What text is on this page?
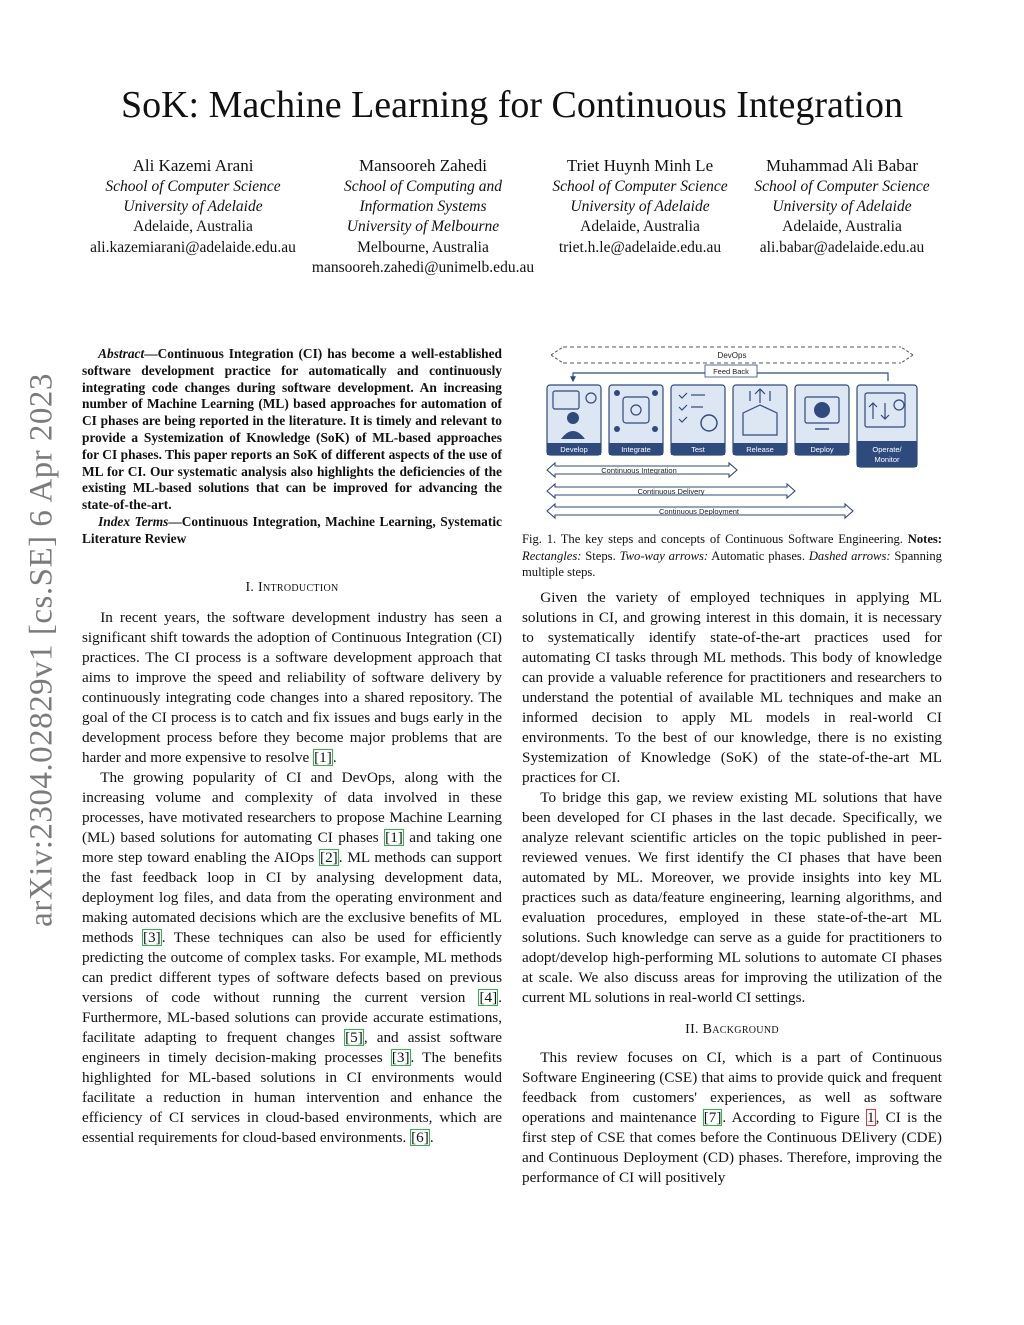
SoK: Machine Learning for Continuous Integration
Ali Kazemi Arani
School of Computer Science
University of Adelaide
Adelaide, Australia
ali.kazemiarani@adelaide.edu.au
Mansooreh Zahedi
School of Computing and
Information Systems
University of Melbourne
Melbourne, Australia
mansooreh.zahedi@unimelb.edu.au
Triet Huynh Minh Le
School of Computer Science
University of Adelaide
Adelaide, Australia
triet.h.le@adelaide.edu.au
Muhammad Ali Babar
School of Computer Science
University of Adelaide
Adelaide, Australia
ali.babar@adelaide.edu.au
arXiv:2304.02829v1 [cs.SE] 6 Apr 2023
Abstract—Continuous Integration (CI) has become a well-established software development practice for automatically and continuously integrating code changes during software development. An increasing number of Machine Learning (ML) based approaches for automation of CI phases are being reported in the literature. It is timely and relevant to provide a Systemization of Knowledge (SoK) of ML-based approaches for CI phases. This paper reports an SoK of different aspects of the use of ML for CI. Our systematic analysis also highlights the deficiencies of the existing ML-based solutions that can be improved for advancing the state-of-the-art.
Index Terms—Continuous Integration, Machine Learning, Systematic Literature Review
I. Introduction

In recent years, the software development industry has seen a significant shift towards the adoption of Continuous Integration (CI) practices. The CI process is a software development approach that aims to improve the speed and reliability of software delivery by continuously integrating code changes into a shared repository. The goal of the CI process is to catch and fix issues and bugs early in the development process before they become major problems that are harder and more expensive to resolve [1].

The growing popularity of CI and DevOps, along with the increasing volume and complexity of data involved in these processes, have motivated researchers to propose Machine Learning (ML) based solutions for automating CI phases [1] and taking one more step toward enabling the AIOps [2]. ML methods can support the fast feedback loop in CI by analysing development data, deployment log files, and data from the operating environment and making automated decisions which are the exclusive benefits of ML methods [3]. These techniques can also be used for efficiently predicting the outcome of complex tasks. For example, ML methods can predict different types of software defects based on previous versions of code without running the current version [4]. Furthermore, ML-based solutions can provide accurate estimations, facilitate adapting to frequent changes [5], and assist software engineers in timely decision-making processes [3]. The benefits highlighted for ML-based solutions in CI environments would facilitate a reduction in human intervention and enhance the efficiency of CI services in cloud-based environments, which are essential requirements for cloud-based environments. [6].

DevOps
Feed Back
Develop	Integrate	Test	Release	Deploy	Operate/
Monitor
Continuous Integration
Continuous Delivery
Continuous Deployment
Fig. 1. The key steps and concepts of Continuous Software Engineering. Notes: Rectangles: Steps. Two-way arrows: Automatic phases. Dashed arrows: Spanning multiple steps.

Given the variety of employed techniques in applying ML solutions in CI, and growing interest in this domain, it is necessary to systematically identify state-of-the-art practices used for automating CI tasks through ML methods. This body of knowledge can provide a valuable reference for practitioners and researchers to understand the potential of available ML techniques and make an informed decision to apply ML models in real-world CI environments. To the best of our knowledge, there is no existing Systemization of Knowledge (SoK) of the state-of-the-art ML practices for CI.

To bridge this gap, we review existing ML solutions that have been developed for CI phases in the last decade. Specifically, we analyze relevant scientific articles on the topic published in peer-reviewed venues. We first identify the CI phases that have been automated by ML. Moreover, we provide insights into key ML practices such as data/feature engineering, learning algorithms, and evaluation procedures, employed in these state-of-the-art ML solutions. Such knowledge can serve as a guide for practitioners to adopt/develop high-performing ML solutions to automate CI phases at scale. We also discuss areas for improving the utilization of the current ML solutions in real-world CI settings.

II. Background

This review focuses on CI, which is a part of Continuous Software Engineering (CSE) that aims to provide quick and frequent feedback from customers' experiences, as well as software operations and maintenance [7]. According to Figure 1, CI is the first step of CSE that comes before the Continuous DElivery (CDE) and Continuous Deployment (CD) phases. Therefore, improving the performance of CI will positively
